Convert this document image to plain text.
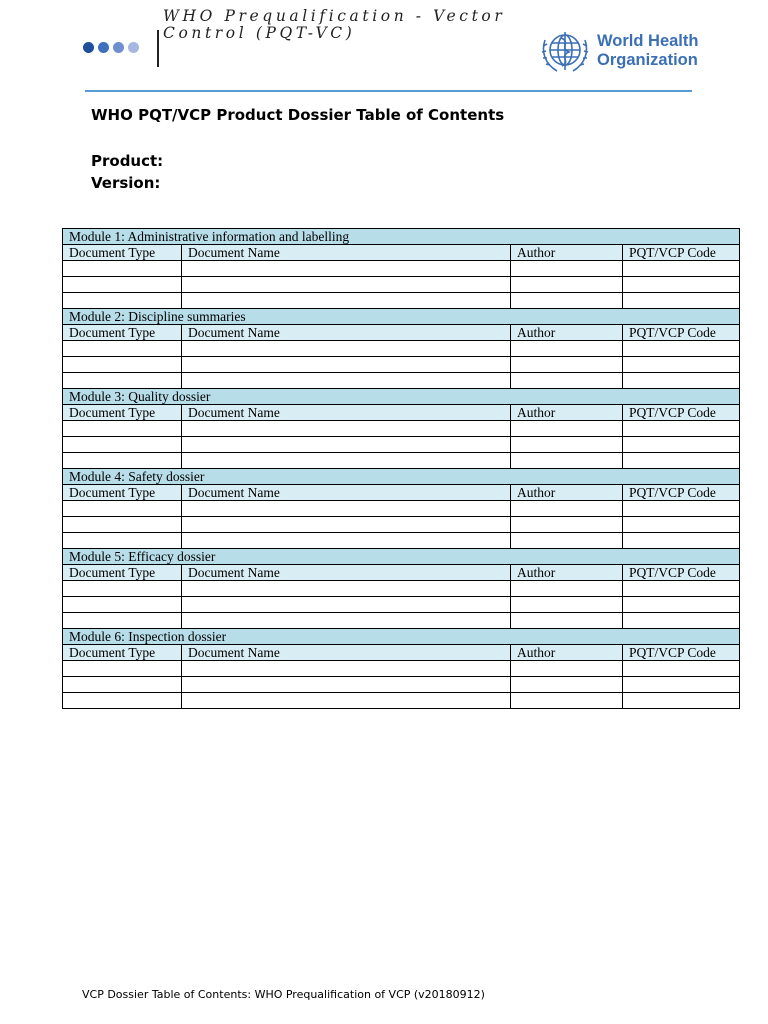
WHO Prequalification - Vector Control (PQT-VC)	World Health
Organization
WHO PQT/VCP Product Dossier Table of Contents
Product:
Version:
Module 1: Administrative information and labelling			
Document Type	Document Name	Author	PQT/VCP Code

Module 2: Discipline summaries			
Document Type	Document Name	Author	PQT/VCP Code

Module 3: Quality dossier			
Document Type	Document Name	Author	PQT/VCP Code

Module 4: Safety dossier			
Document Type	Document Name	Author	PQT/VCP Code

Module 5: Efficacy dossier			
Document Type	Document Name	Author	PQT/VCP Code

Module 6: Inspection dossier			
Document Type	Document Name	Author	PQT/VCP Code

VCP Dossier Table of Contents: WHO Prequalification of VCP (v20180912)
